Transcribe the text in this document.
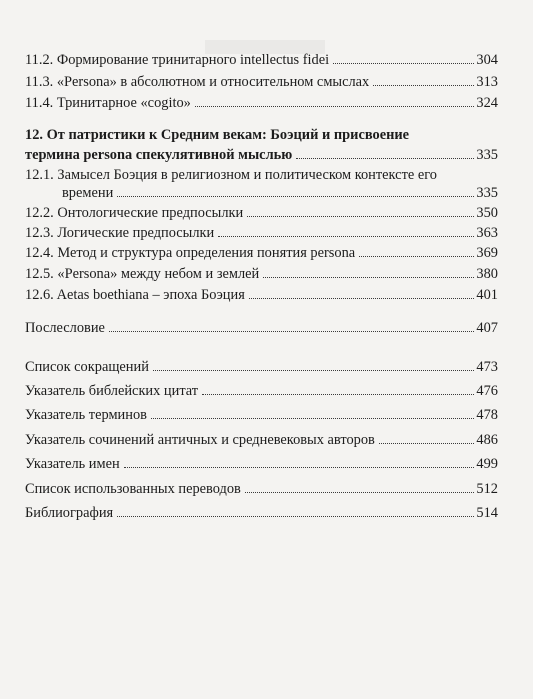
11.2. Формирование тринитарного intellectus fidei	304
11.3. «Persona» в абсолютном и относительном смыслах	313
11.4. Тринитарное «cogito»	324
12. От патристики к Средним векам: Боэций и присвоение
термина persona спекулятивной мыслью	335
12.1. Замысел Боэция в религиозном и политическом контексте его
времени	335
12.2. Онтологические предпосылки	350
12.3. Логические предпосылки	363
12.4. Метод и структура определения понятия persona	369
12.5. «Persona» между небом и землей	380
12.6. Aetas boethiana – эпоха Боэция	401
Послесловие	407
Список сокращений	473
Указатель библейских цитат	476
Указатель терминов	478
Указатель сочинений античных и средневековых авторов	486
Указатель имен	499
Список использованных переводов	512
Библиография	514
